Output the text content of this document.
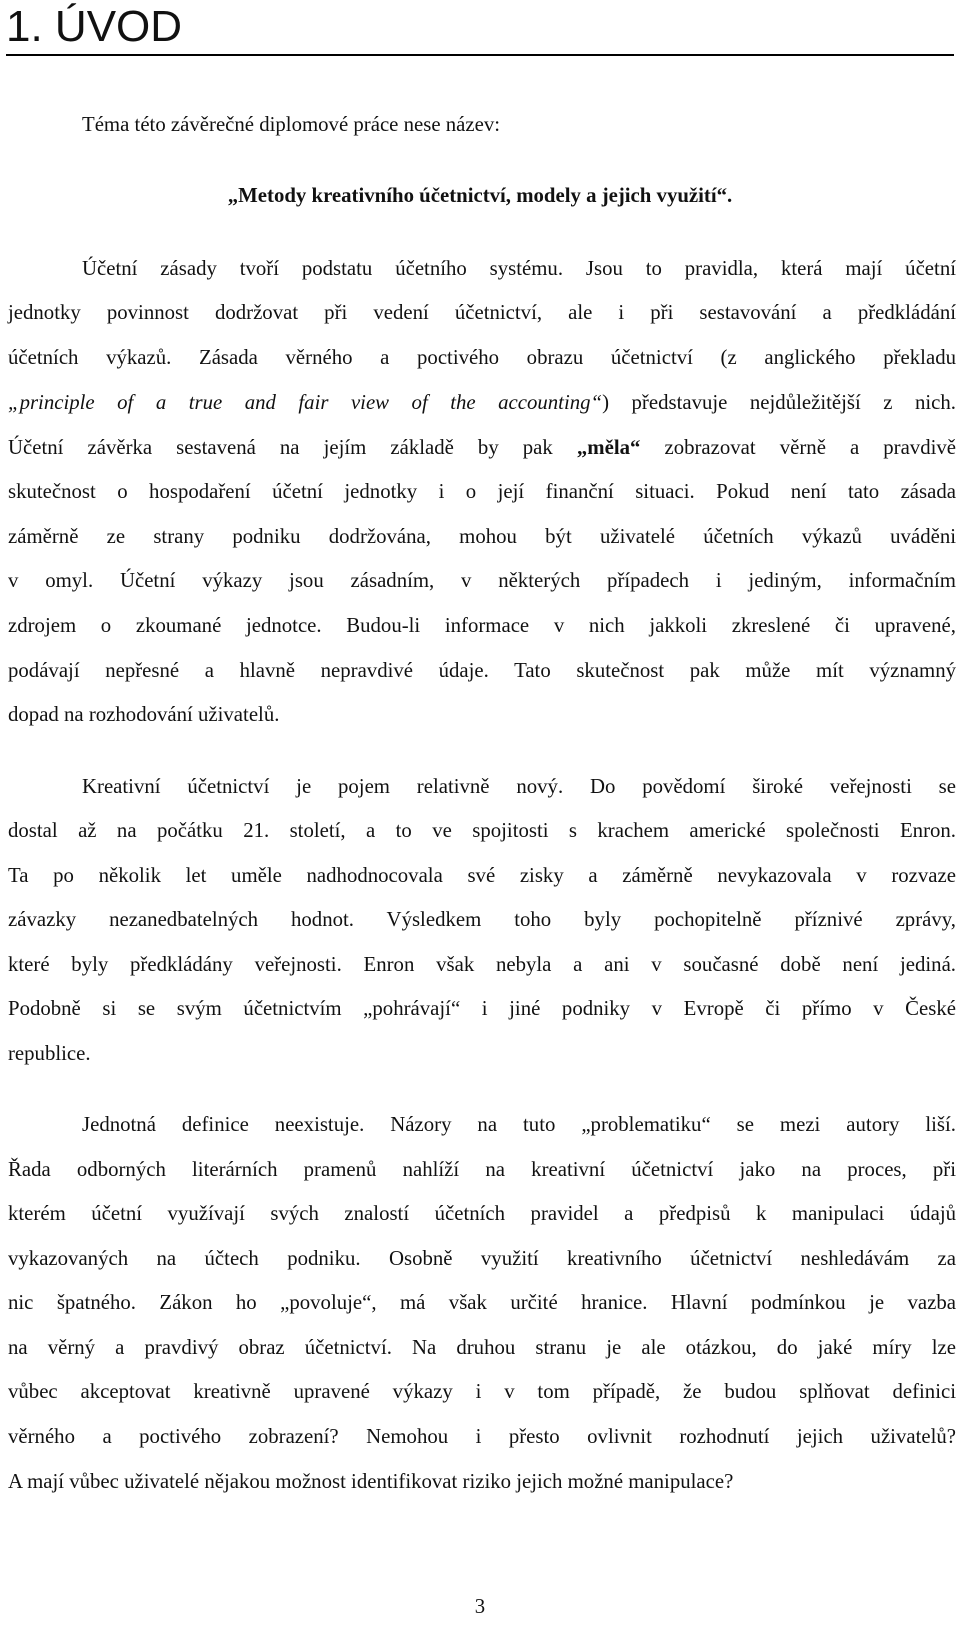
1. ÚVOD
Téma této závěrečné diplomové práce nese název:
„Metody kreativního účetnictví, modely a jejich využití“.
Účetní zásady tvoří podstatu účetního systému. Jsou to pravidla, která mají účetní
jednotky povinnost dodržovat při vedení účetnictví, ale i při sestavování a předkládání
účetních výkazů. Zásada věrného a poctivého obrazu účetnictví (z anglického překladu
„principle of a true and fair view of the accounting“) představuje nejdůležitější z nich.
Účetní závěrka sestavená na jejím základě by pak „měla“ zobrazovat věrně a pravdivě
skutečnost o hospodaření účetní jednotky i o její finanční situaci. Pokud není tato zásada
záměrně ze strany podniku dodržována, mohou být uživatelé účetních výkazů uváděni
v omyl. Účetní výkazy jsou zásadním, v některých případech i jediným, informačním
zdrojem o zkoumané jednotce. Budou-li informace v nich jakkoli zkreslené či upravené,
podávají nepřesné a hlavně nepravdivé údaje. Tato skutečnost pak může mít významný
dopad na rozhodování uživatelů.
Kreativní účetnictví je pojem relativně nový. Do povědomí široké veřejnosti se
dostal až na počátku 21. století, a to ve spojitosti s krachem americké společnosti Enron.
Ta po několik let uměle nadhodnocovala své zisky a záměrně nevykazovala v rozvaze
závazky nezanedbatelných hodnot. Výsledkem toho byly pochopitelně příznivé zprávy,
které byly předkládány veřejnosti. Enron však nebyla a ani v současné době není jediná.
Podobně si se svým účetnictvím „pohrávají“ i jiné podniky v Evropě či přímo v České
republice.
Jednotná definice neexistuje. Názory na tuto „problematiku“ se mezi autory liší.
Řada odborných literárních pramenů nahlíží na kreativní účetnictví jako na proces, při
kterém účetní využívají svých znalostí účetních pravidel a předpisů k manipulaci údajů
vykazovaných na účtech podniku. Osobně využití kreativního účetnictví neshledávám za
nic špatného. Zákon ho „povoluje“, má však určité hranice. Hlavní podmínkou je vazba
na věrný a pravdivý obraz účetnictví. Na druhou stranu je ale otázkou, do jaké míry lze
vůbec akceptovat kreativně upravené výkazy i v tom případě, že budou splňovat definici
věrného a poctivého zobrazení? Nemohou i přesto ovlivnit rozhodnutí jejich uživatelů?
A mají vůbec uživatelé nějakou možnost identifikovat riziko jejich možné manipulace?
3
